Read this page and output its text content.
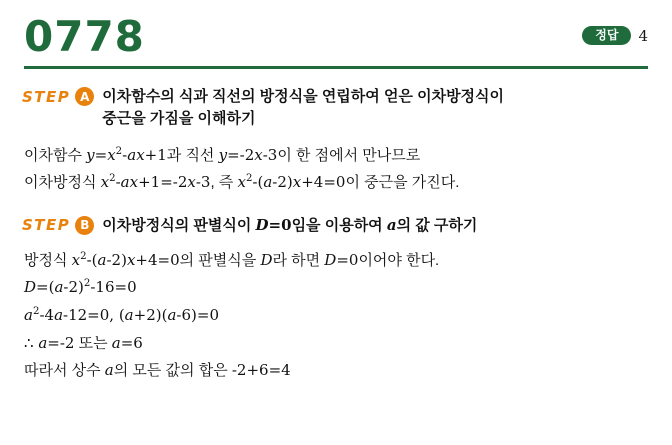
0778	정답	4
STEP A 이차함수의 식과 직선의 방정식을 연립하여 얻은 이차방정식이
중근을 가짐을 이해하기
이차함수 $y=x^2-ax+1$과 직선 y=-2x-3이 한 점에서 만나므로
이차방정식 $x^2-ax+1=-2x-3$, 즉 $x^2-(a-2)x+4=0$이 중근을 가진다.
STEP B 이차방정식의 판별식이 D=0임을 이용하여 a의 값 구하기
방정식 $x^2-(a-2)x+4=0$의 판별식을 D라 하면 D=0이어야 한다.
$D=(a-2)^2-16=0$
$a^2-4a-12=0$, (a+2)(a-6)=0
∴ a=-2 또는 a=6
따라서 상수 a의 모든 값의 합은 -2+6=4
